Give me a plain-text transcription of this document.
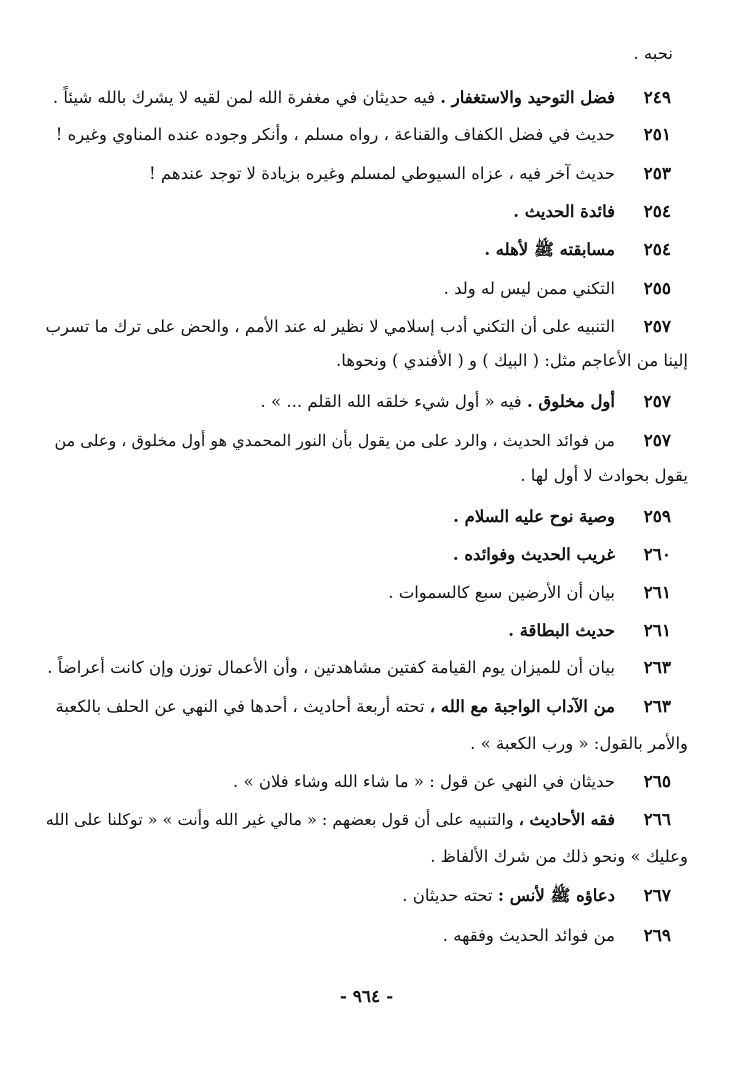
نحبه .
٢٤٩
فضل التوحيد والاستغفار . فيه حديثان في مغفرة الله لمن لقيه لا يشرك بالله شيئاً .
٢٥١
حديث في فضل الكفاف والقناعة ، رواه مسلم ، وأنكر وجوده عنده المناوي وغيره !
٢٥٣
حديث آخر فيه ، عزاه السيوطي لمسلم وغيره بزيادة لا توجد عندهم !
٢٥٤
فائدة الحديث .
٢٥٤
مسابقته ﷺ لأهله .
٢٥٥
التكني ممن ليس له ولد .
٢٥٧
التنبيه على أن التكني أدب إسلامي لا نظير له عند الأمم ، والحض على ترك ما تسرب
إلينا من الأعاجم مثل: ( البيك ) و ( الأفندي ) ونحوها.
٢٥٧
أول مخلوق . فيه « أول شيء خلقه الله القلم ... » .
٢٥٧
من فوائد الحديث ، والرد على من يقول بأن النور المحمدي هو أول مخلوق ، وعلى من
يقول بحوادث لا أول لها .
٢٥٩
وصية نوح عليه السلام .
٢٦٠
غريب الحديث وفوائده .
٢٦١
بيان أن الأرضين سبع كالسموات .
٢٦١
حديث البطاقة .
٢٦٣
بيان أن للميزان يوم القيامة كفتين مشاهدتين ، وأن الأعمال توزن وإن كانت أعراضاً .
٢٦٣
من الآداب الواجبة مع الله ، تحته أربعة أحاديث ، أحدها في النهي عن الحلف بالكعبة
والأمر بالقول: « ورب الكعبة » .
٢٦٥
حديثان في النهي عن قول : « ما شاء الله وشاء فلان » .
٢٦٦
فقه الأحاديث ، والتنبيه على أن قول بعضهم : « مالي غير الله وأنت » « توكلنا على الله
وعليك » ونحو ذلك من شرك الألفاظ .
٢٦٧
دعاؤه ﷺ لأنس : تحته حديثان .
٢٦٩
من فوائد الحديث وفقهه .
- ٩٦٤ -
